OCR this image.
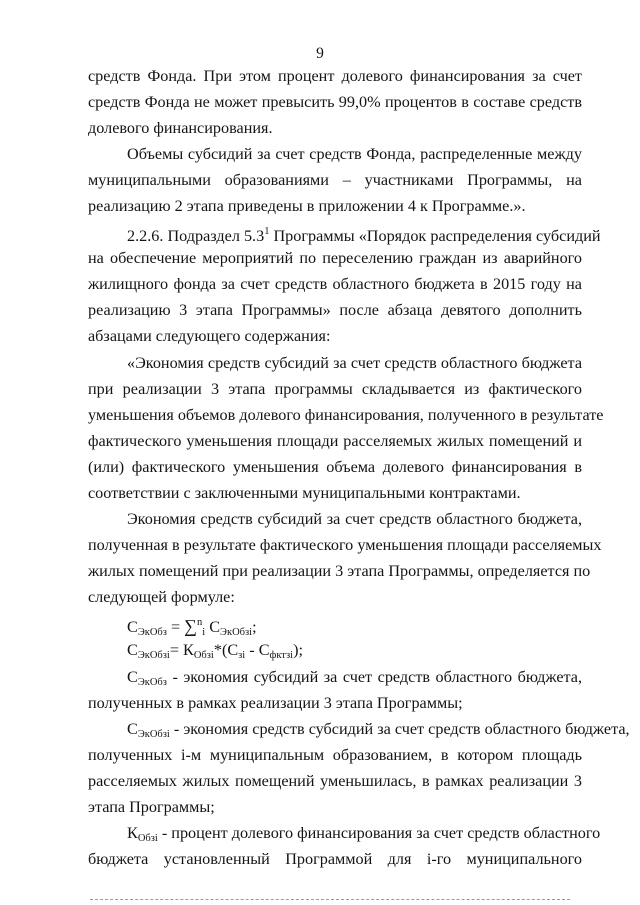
9
средств Фонда. При этом процент долевого финансирования за счет
средств Фонда не может превысить 99,0% процентов в составе средств
долевого финансирования.
Объемы субсидий за счет средств Фонда, распределенные между
муниципальными образованиями – участниками Программы, на
реализацию 2 этапа приведены в приложении 4 к Программе.».
2.2.6. Подраздел $5.3^1$ Программы «Порядок распределения субсидий
на обеспечение мероприятий по переселению граждан из аварийного
жилищного фонда за счет средств областного бюджета в 2015 году на
реализацию 3 этапа Программы» после абзаца девятого дополнить
абзацами следующего содержания:
«Экономия средств субсидий за счет средств областного бюджета
при реализации 3 этапа программы складывается из фактического
уменьшения объемов долевого финансирования, полученного в результате
фактического уменьшения площади расселяемых жилых помещений и
(или) фактического уменьшения объема долевого финансирования в
соответствии с заключенными муниципальными контрактами.
Экономия средств субсидий за счет средств областного бюджета,
полученная в результате фактического уменьшения площади расселяемых
жилых помещений при реализации 3 этапа Программы, определяется по
следующей формуле:
$С_{ЭкОбз} = \sum^n_i$ $С_{ЭкОбзi}$;
$С_{ЭкОбзi}= К_{Обзi}*(С_{зi} - С_{фктзi})$;
$С_{ЭкОбз}$ - экономия субсидий за счет средств областного бюджета,
полученных в рамках реализации 3 этапа Программы;
$С_{ЭкОбзi}$ - экономия средств субсидий за счет средств областного бюджета,
полученных i-м муниципальным образованием, в котором площадь
расселяемых жилых помещений уменьшилась, в рамках реализации 3
этапа Программы;
$К_{Обзi}$ - процент долевого финансирования за счет средств областного
бюджета установленный Программой для i-го муниципального
